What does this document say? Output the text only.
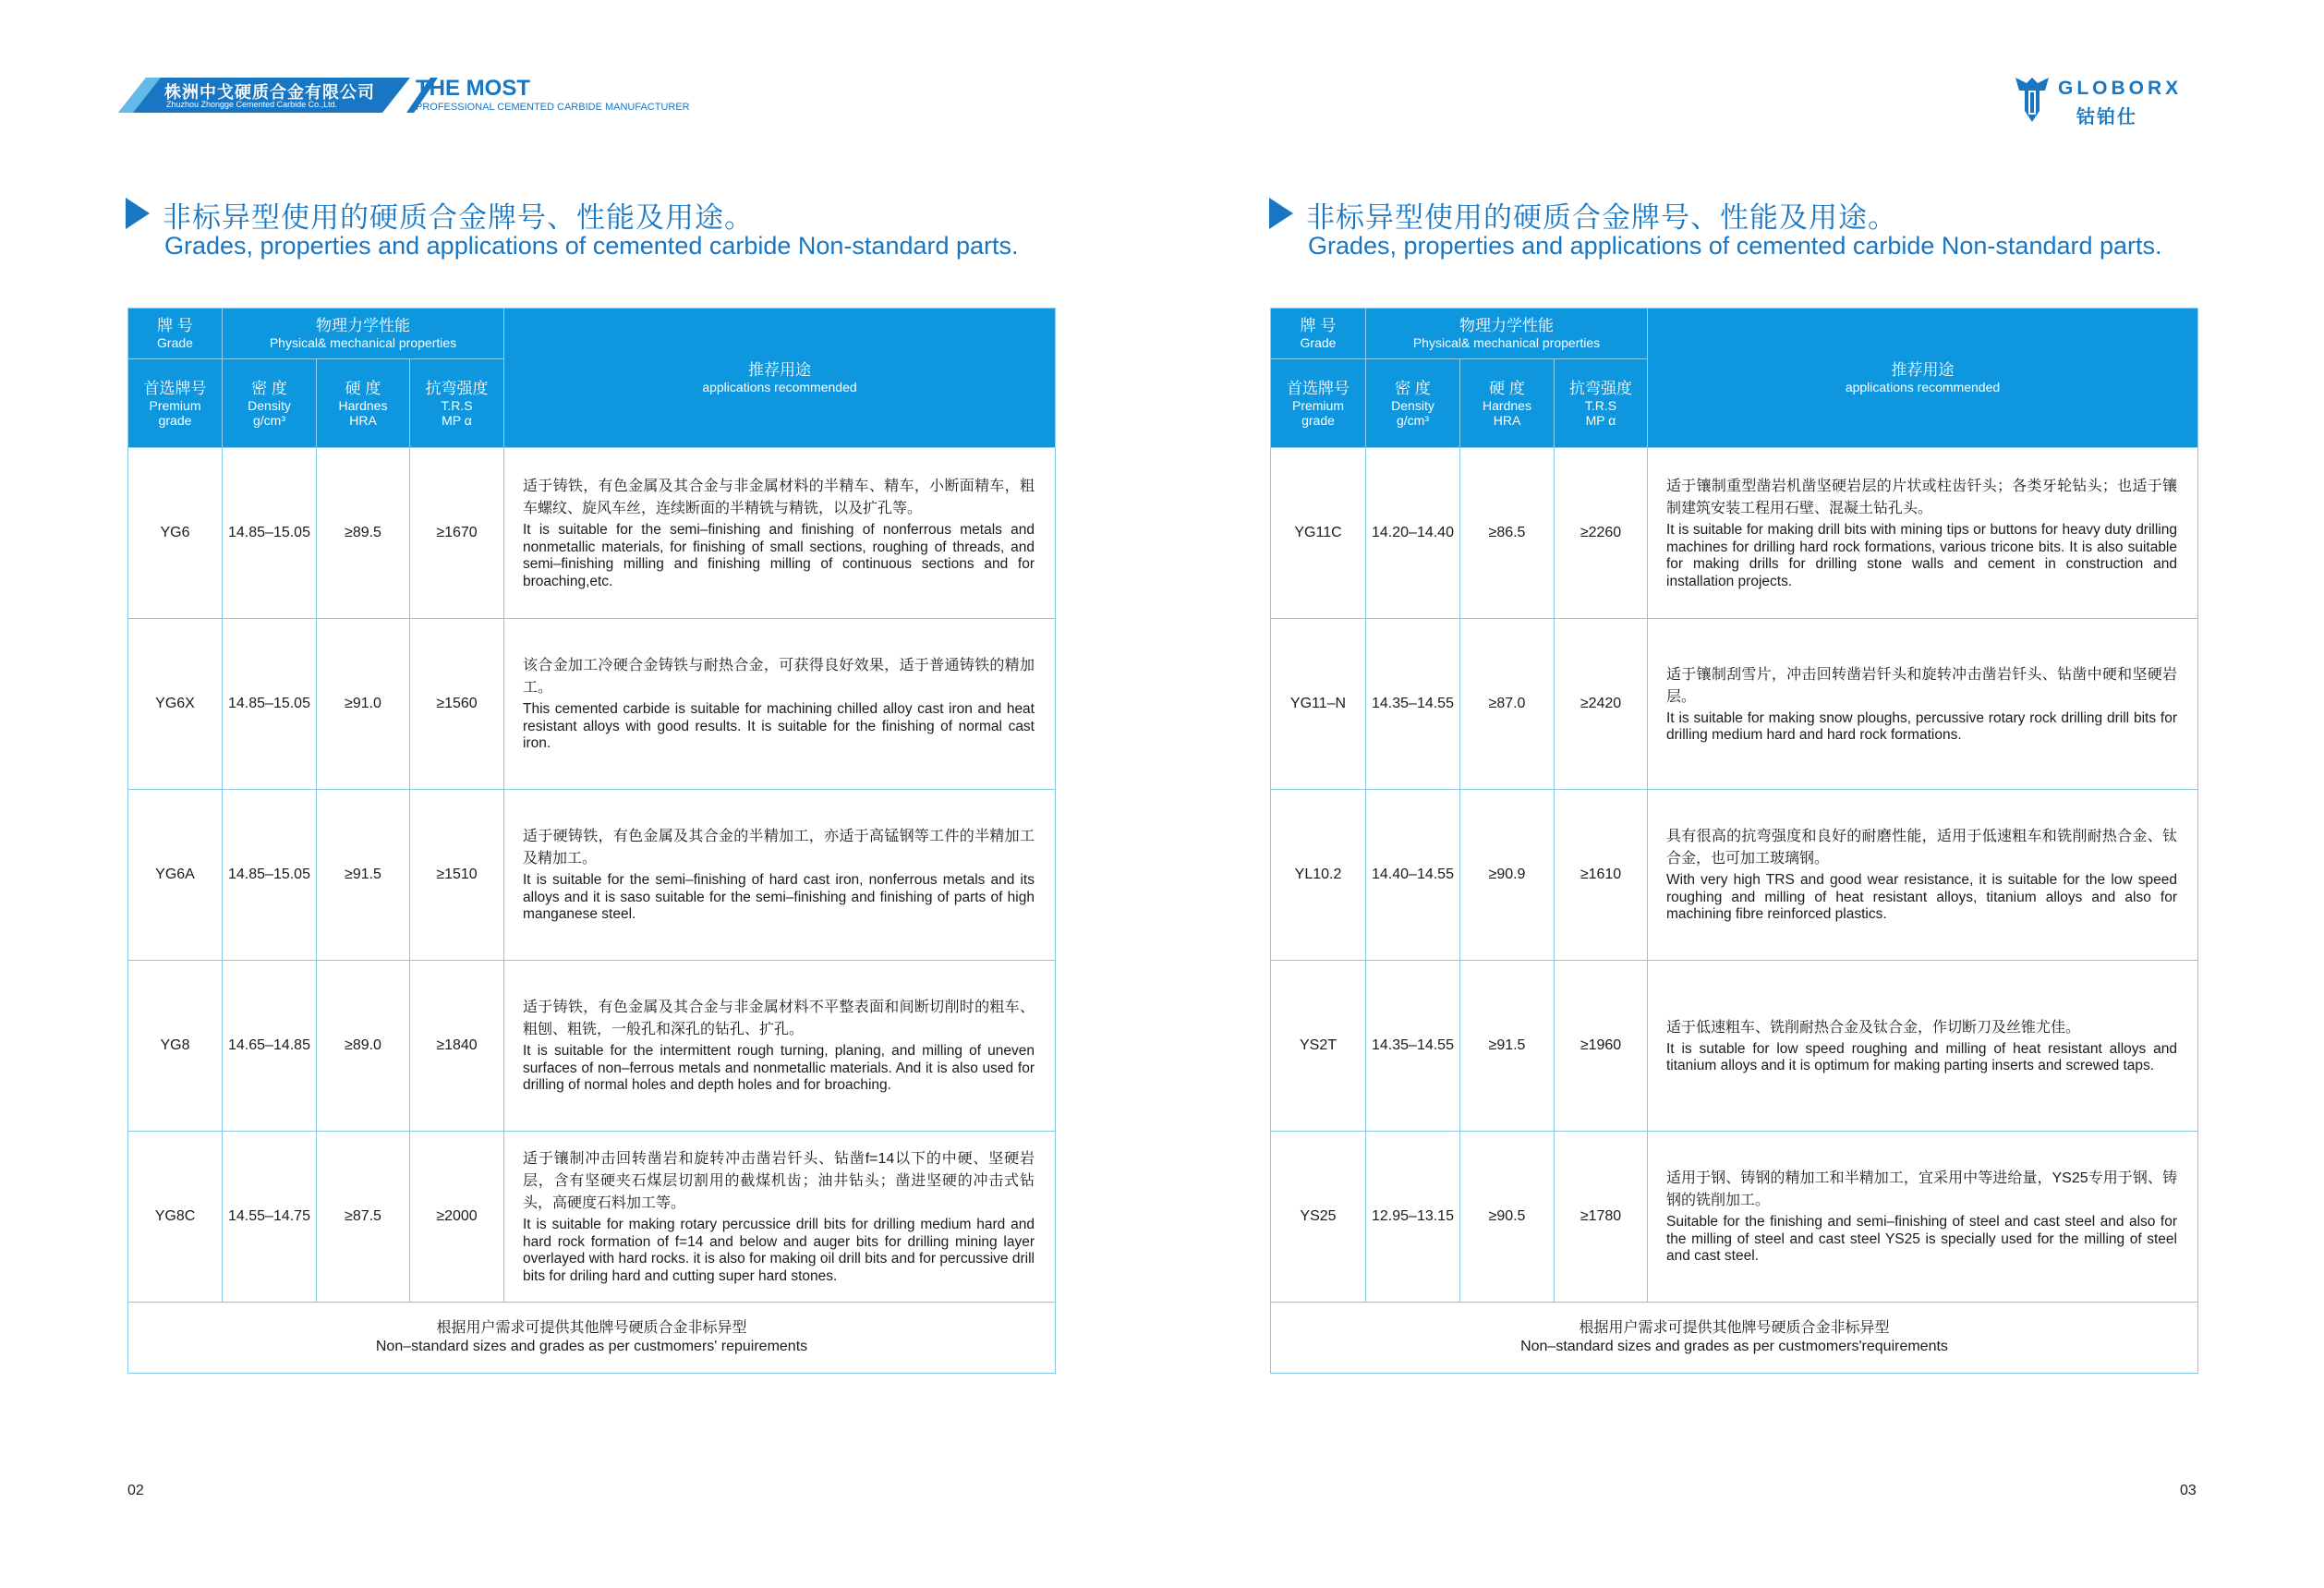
株洲中戈硬质合金有限公司
Zhuzhou Zhongge Cemented Carbide Co.,Ltd.
THE MOST
PROFESSIONAL CEMENTED CARBIDE MANUFACTURER
GLOBORX
钴铂仕
非标异型使用的硬质合金牌号、性能及用途。
Grades, properties and applications of cemented carbide Non-standard parts.
牌 号
Grade	物理力学性能
Physical& mechanical properties			推荐用途
applications recommended

首选牌号
Premium
grade	密 度
Density
g/cm³	硬 度
Hardnes
HRA	抗弯强度
T.R.S
MP α	

YG6	14.85–15.05	≥89.5	≥1670	适于铸铁，有色金属及其合金与非金属材料的半精车、精车，小断面精车，粗车螺纹、旋风车丝，连续断面的半精铣与精铣，以及扩孔等。
It is suitable for the semi–finishing and finishing of nonferrous metals and nonmetallic materials, for finishing of small sections, roughing of threads, and semi–finishing milling and finishing milling of continuous sections and for broaching,etc.

YG6X	14.85–15.05	≥91.0	≥1560	该合金加工冷硬合金铸铁与耐热合金，可获得良好效果，适于普通铸铁的精加工。
This cemented carbide is suitable for machining chilled alloy cast iron and heat resistant alloys with good results. It is suitable for the finishing of normal cast iron.

YG6A	14.85–15.05	≥91.5	≥1510	适于硬铸铁，有色金属及其合金的半精加工，亦适于高锰钢等工件的半精加工及精加工。
It is suitable for the semi–finishing of hard cast iron, nonferrous metals and its alloys and it is saso suitable for the semi–finishing and finishing of parts of high manganese steel.

YG8	14.65–14.85	≥89.0	≥1840	适于铸铁，有色金属及其合金与非金属材料不平整表面和间断切削时的粗车、粗刨、粗铣，一般孔和深孔的钻孔、扩孔。
It is suitable for the intermittent rough turning, planing, and milling of uneven surfaces of non–ferrous metals and nonmetallic materials. And it is also used for drilling of normal holes and depth holes and for broaching.

YG8C	14.55–14.75	≥87.5	≥2000	适于镶制冲击回转凿岩和旋转冲击凿岩钎头、钻凿f=14以下的中硬、坚硬岩层，含有坚硬夹石煤层切割用的截煤机齿；油井钻头；凿进坚硬的冲击式钻头，高硬度石料加工等。
It is suitable for making rotary percussice drill bits for drilling medium hard and hard rock formation of f=14 and below and auger bits for drilling mining layer overlayed with hard rocks. it is also for making oil drill bits and for percussive drill bits for driling hard and cutting super hard stones.

根据用户需求可提供其他牌号硬质合金非标异型
Non–standard sizes and grades as per custmomers' repuirements				
02
非标异型使用的硬质合金牌号、性能及用途。
Grades, properties and applications of cemented carbide Non-standard parts.
牌 号
Grade	物理力学性能
Physical& mechanical properties			推荐用途
applications recommended

首选牌号
Premium
grade	密 度
Density
g/cm³	硬 度
Hardnes
HRA	抗弯强度
T.R.S
MP α	

YG11C	14.20–14.40	≥86.5	≥2260	适于镶制重型凿岩机凿坚硬岩层的片状或柱齿钎头；各类牙轮钻头；也适于镶制建筑安装工程用石壁、混凝土钻孔头。
It is suitable for making drill bits with mining tips or buttons for heavy duty drilling machines for drilling hard rock formations, various tricone bits. It is also suitable for making drills for drilling stone walls and cement in construction and installation projects.

YG11–N	14.35–14.55	≥87.0	≥2420	适于镶制刮雪片，冲击回转凿岩钎头和旋转冲击凿岩钎头、钻凿中硬和坚硬岩层。
It is suitable for making snow ploughs, percussive rotary rock drilling drill bits for drilling medium hard and hard rock formations.

YL10.2	14.40–14.55	≥90.9	≥1610	具有很高的抗弯强度和良好的耐磨性能，适用于低速粗车和铣削耐热合金、钛合金，也可加工玻璃钢。
With very high TRS and good wear resistance, it is suitable for the low speed roughing and milling of heat resistant alloys, titanium alloys and also for machining fibre reinforced plastics.

YS2T	14.35–14.55	≥91.5	≥1960	适于低速粗车、铣削耐热合金及钛合金，作切断刀及丝锥尤佳。
It is sutable for low speed roughing and milling of heat resistant alloys and titanium alloys and it is optimum for making parting inserts and screwed taps.

YS25	12.95–13.15	≥90.5	≥1780	适用于钢、铸钢的精加工和半精加工，宜采用中等进给量，YS25专用于钢、铸钢的铣削加工。
Suitable for the finishing and semi–finishing of steel and cast steel and also for the milling of steel and cast steel YS25 is specially used for the milling of steel and cast steel.

根据用户需求可提供其他牌号硬质合金非标异型
Non–standard sizes and grades as per custmomers'requirements				
03
